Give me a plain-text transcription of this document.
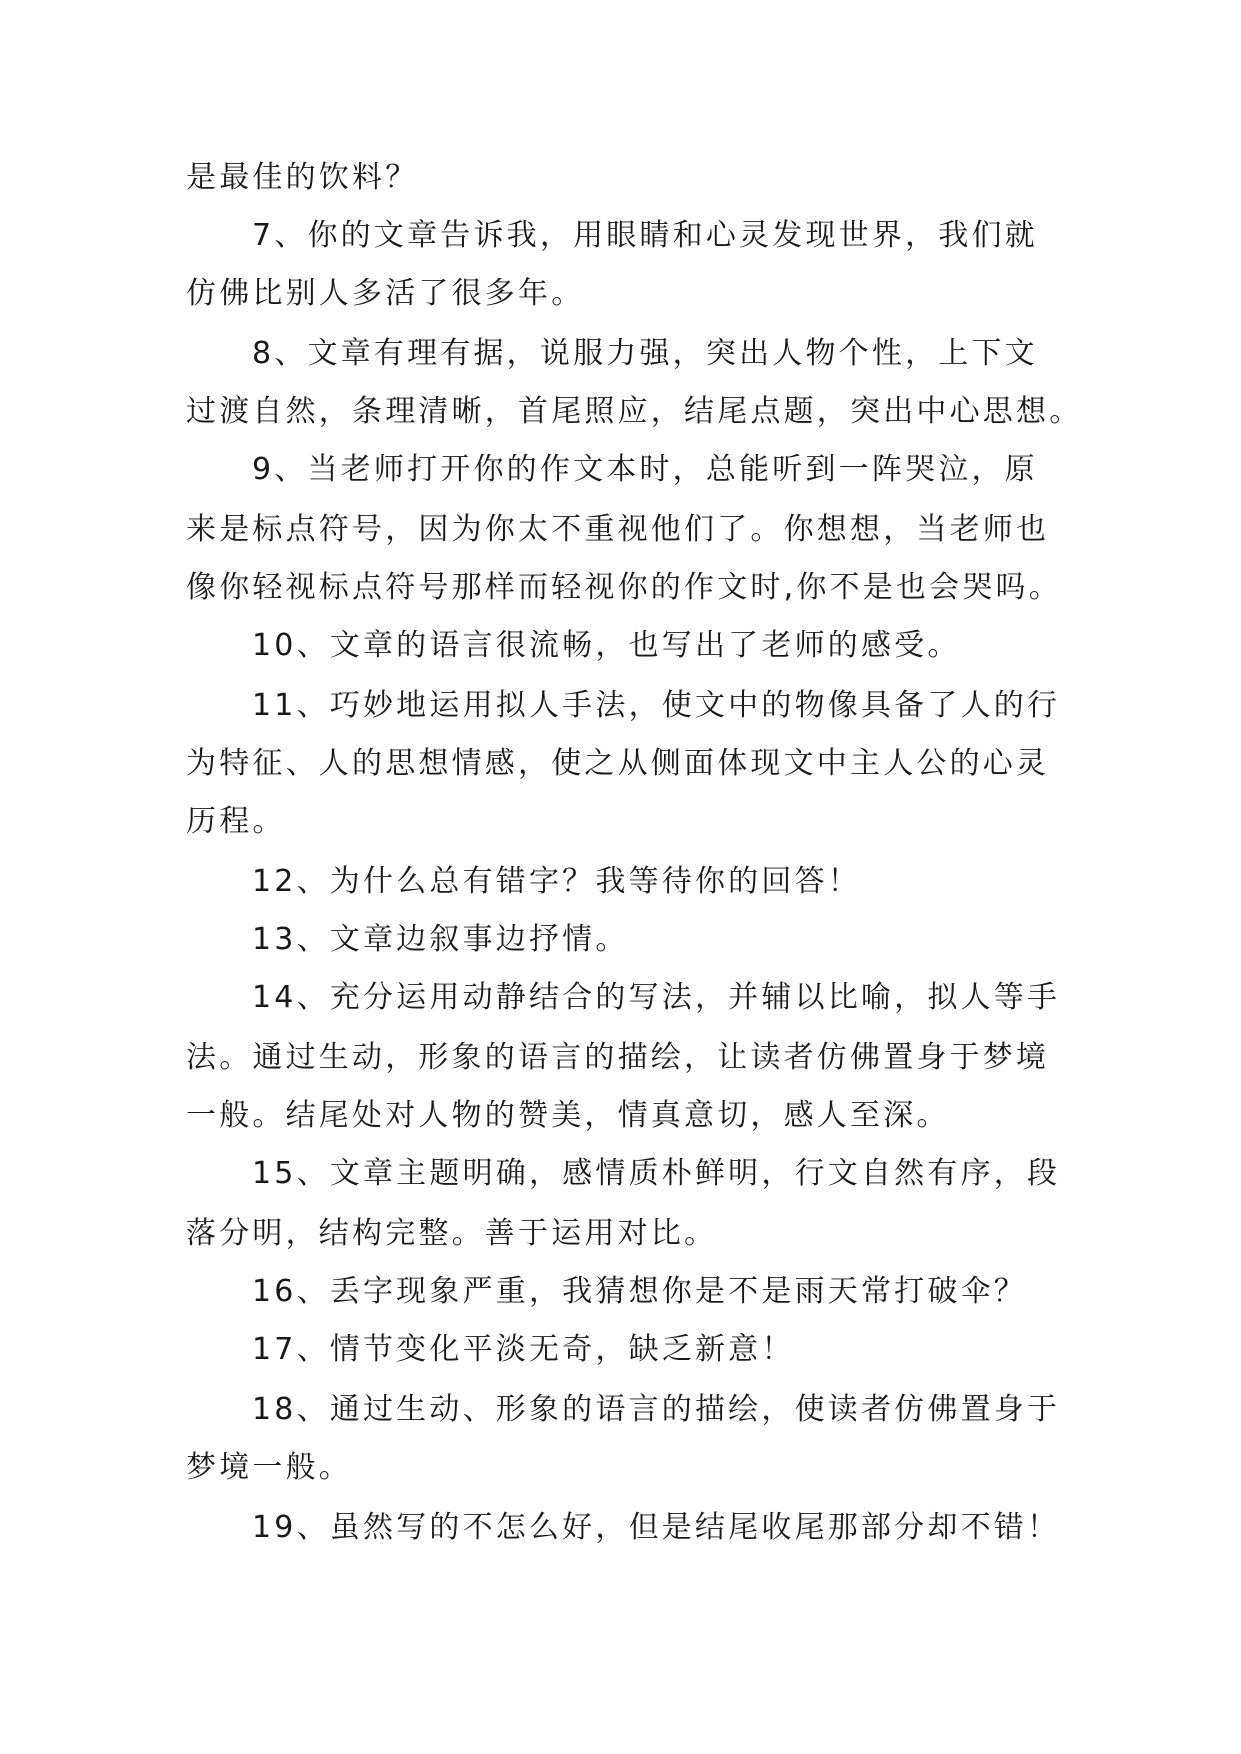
是最佳的饮料？
7、你的文章告诉我，用眼睛和心灵发现世界，我们就
仿佛比别人多活了很多年。
8、文章有理有据，说服力强，突出人物个性，上下文
过渡自然，条理清晰，首尾照应，结尾点题，突出中心思想。
9、当老师打开你的作文本时，总能听到一阵哭泣，原
来是标点符号，因为你太不重视他们了。你想想，当老师也
像你轻视标点符号那样而轻视你的作文时,你不是也会哭吗。
10、文章的语言很流畅，也写出了老师的感受。
11、巧妙地运用拟人手法，使文中的物像具备了人的行
为特征、人的思想情感，使之从侧面体现文中主人公的心灵
历程。
12、为什么总有错字？我等待你的回答！
13、文章边叙事边抒情。
14、充分运用动静结合的写法，并辅以比喻，拟人等手
法。通过生动，形象的语言的描绘，让读者仿佛置身于梦境
一般。结尾处对人物的赞美，情真意切，感人至深。
15、文章主题明确，感情质朴鲜明，行文自然有序，段
落分明，结构完整。善于运用对比。
16、丢字现象严重，我猜想你是不是雨天常打破伞？
17、情节变化平淡无奇，缺乏新意！
18、通过生动、形象的语言的描绘，使读者仿佛置身于
梦境一般。
19、虽然写的不怎么好，但是结尾收尾那部分却不错！
